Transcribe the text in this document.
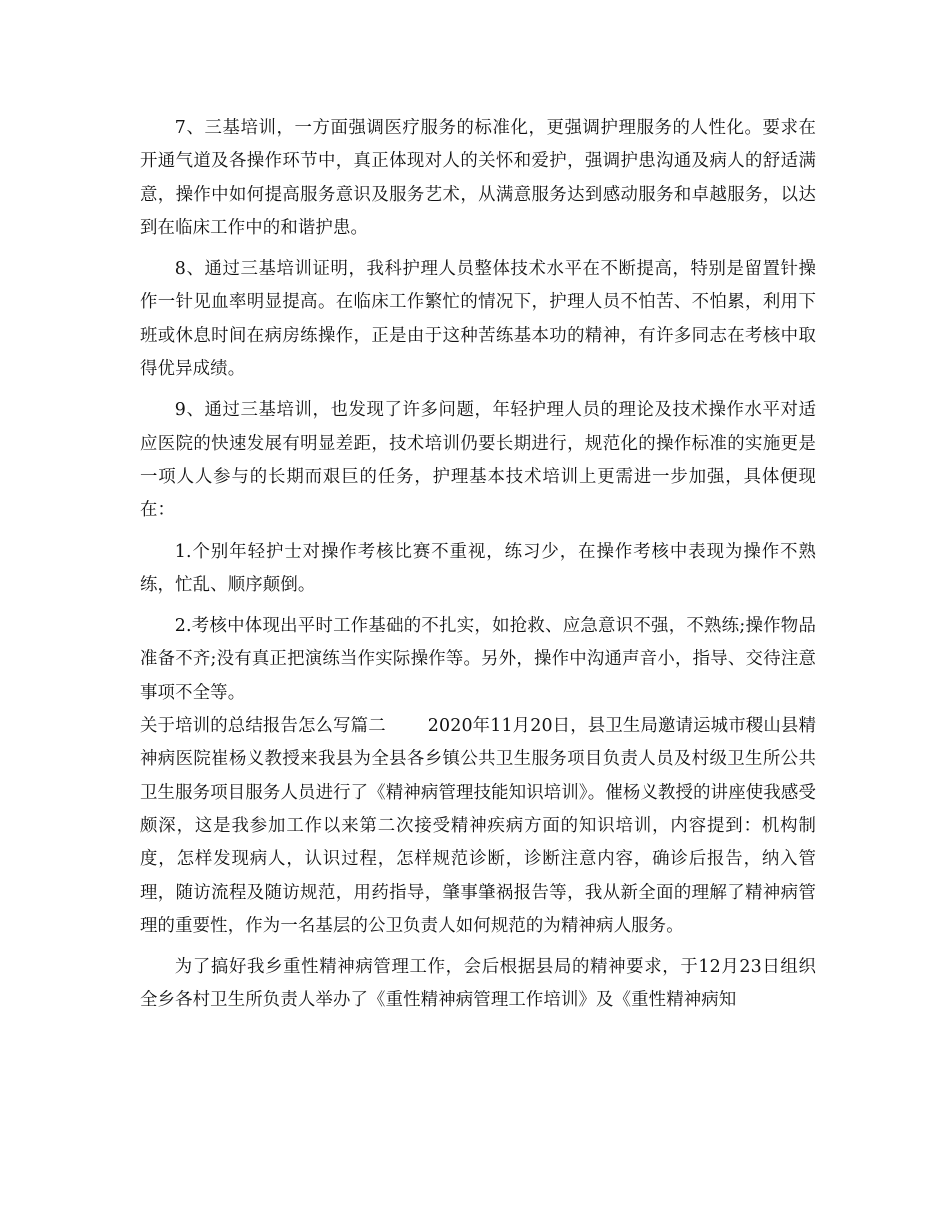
7、三基培训，一方面强调医疗服务的标准化，更强调护理服务的人性化。要求在开通气道及各操作环节中，真正体现对人的关怀和爱护，强调护患沟通及病人的舒适满意，操作中如何提高服务意识及服务艺术，从满意服务达到感动服务和卓越服务，以达到在临床工作中的和谐护患。

8、通过三基培训证明，我科护理人员整体技术水平在不断提高，特别是留置针操作一针见血率明显提高。在临床工作繁忙的情况下，护理人员不怕苦、不怕累，利用下班或休息时间在病房练操作，正是由于这种苦练基本功的精神，有许多同志在考核中取得优异成绩。

9、通过三基培训，也发现了许多问题，年轻护理人员的理论及技术操作水平对适应医院的快速发展有明显差距，技术培训仍要长期进行，规范化的操作标准的实施更是一项人人参与的长期而艰巨的任务，护理基本技术培训上更需进一步加强，具体便现在：

1.个别年轻护士对操作考核比赛不重视，练习少，在操作考核中表现为操作不熟练，忙乱、顺序颠倒。

2.考核中体现出平时工作基础的不扎实，如抢救、应急意识不强，不熟练;操作物品准备不齐;没有真正把演练当作实际操作等。另外，操作中沟通声音小，指导、交待注意事项不全等。

关于培训的总结报告怎么写篇二 2020年11月20日，县卫生局邀请运城市稷山县精神病医院崔杨义教授来我县为全县各乡镇公共卫生服务项目负责人员及村级卫生所公共卫生服务项目服务人员进行了《精神病管理技能知识培训》。催杨义教授的讲座使我感受颇深，这是我参加工作以来第二次接受精神疾病方面的知识培训，内容提到：机构制度，怎样发现病人，认识过程，怎样规范诊断，诊断注意内容，确诊后报告，纳入管理，随访流程及随访规范，用药指导，肇事肇祸报告等，我从新全面的理解了精神病管理的重要性，作为一名基层的公卫负责人如何规范的为精神病人服务。

为了搞好我乡重性精神病管理工作，会后根据县局的精神要求，于12月23日组织全乡各村卫生所负责人举办了《重性精神病管理工作培训》及《重性精神病知
